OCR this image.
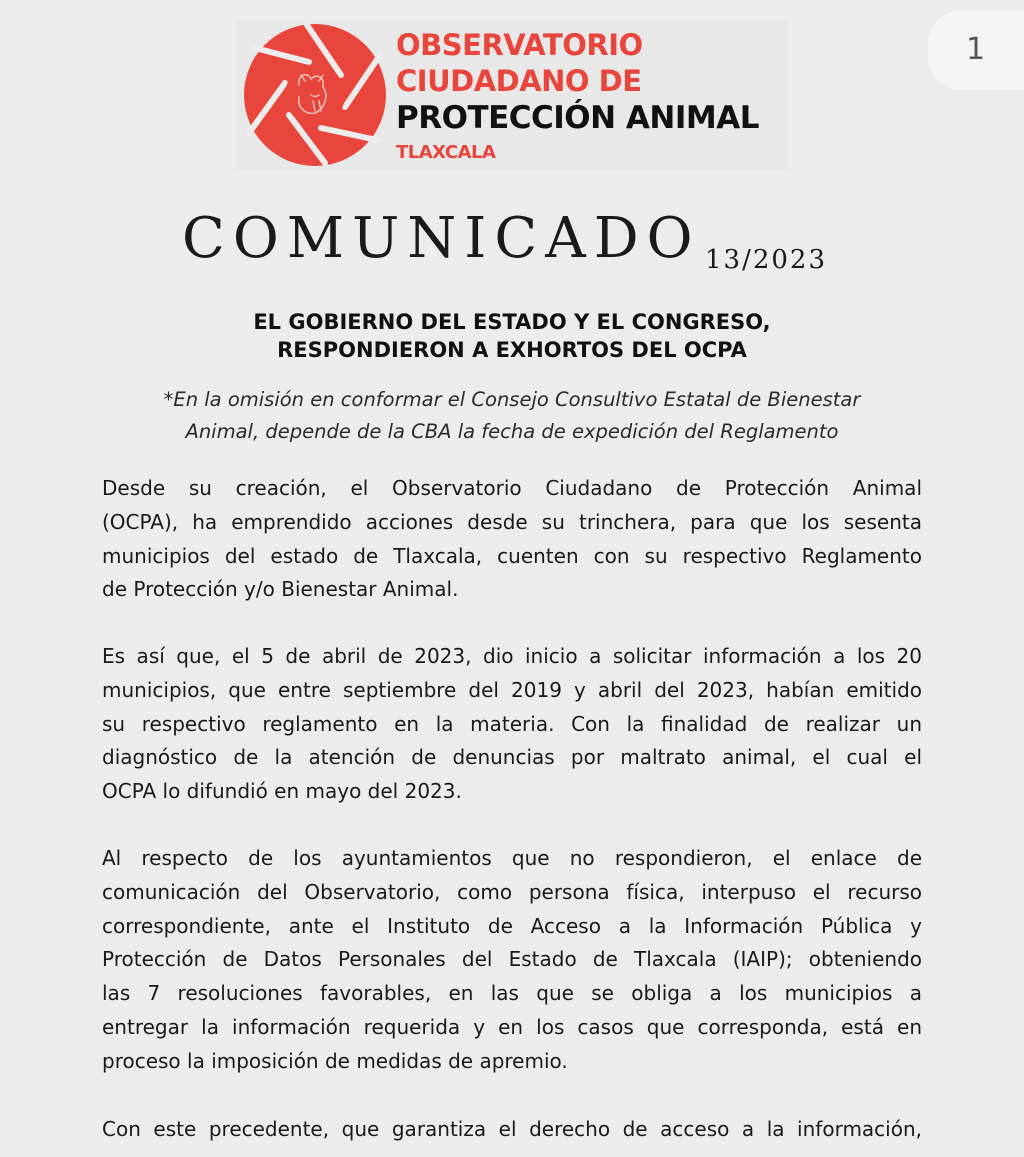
1

OBSERVATORIO

CIUDADANO DE

PROTECCIÓN ANIMAL

TLAXCALA

COMUNICADO 13/2023
EL GOBIERNO DEL ESTADO Y EL CONGRESO,
RESPONDIERON A EXHORTOS DEL OCPA

*En la omisión en conformar el Consejo Consultivo Estatal de Bienestar
Animal, depende de la CBA la fecha de expedición del Reglamento

Desde su creación, el Observatorio Ciudadano de Protección Animal
(OCPA), ha emprendido acciones desde su trinchera, para que los sesenta
municipios del estado de Tlaxcala, cuenten con su respectivo Reglamento
de Protección y/o Bienestar Animal.

Es así que, el 5 de abril de 2023, dio inicio a solicitar información a los 20
municipios, que entre septiembre del 2019 y abril del 2023, habían emitido
su respectivo reglamento en la materia. Con la finalidad de realizar un
diagnóstico de la atención de denuncias por maltrato animal, el cual el
OCPA lo difundió en mayo del 2023.

Al respecto de los ayuntamientos que no respondieron, el enlace de
comunicación del Observatorio, como persona física, interpuso el recurso
correspondiente, ante el Instituto de Acceso a la Información Pública y
Protección de Datos Personales del Estado de Tlaxcala (IAIP); obteniendo
las 7 resoluciones favorables, en las que se obliga a los municipios a
entregar la información requerida y en los casos que corresponda, está en
proceso la imposición de medidas de apremio.

Con este precedente, que garantiza el derecho de acceso a la información,
